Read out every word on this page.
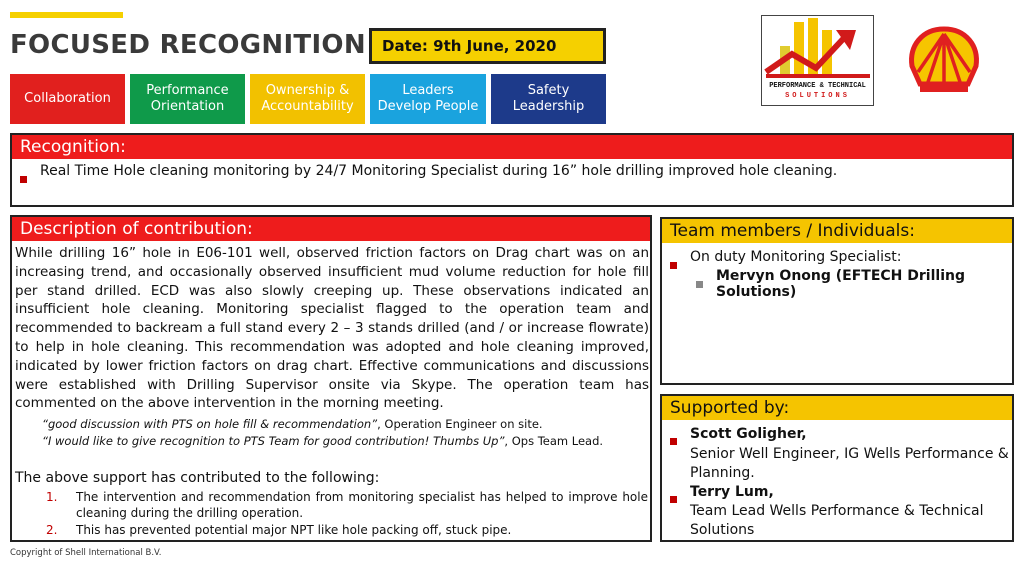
FOCUSED RECOGNITION	Date: 9th June, 2020
Collaboration
Performance Orientation
Ownership & Accountability
Leaders Develop People
Safety Leadership
PERFORMANCE & TECHNICAL
SOLUTIONS
Recognition:
Real Time Hole cleaning monitoring by 24/7 Monitoring Specialist during 16” hole drilling improved hole cleaning.
Description of contribution:
While drilling 16” hole in E06-101 well, observed friction factors on Drag chart was on an increasing trend, and occasionally observed insufficient mud volume reduction for hole fill per stand drilled. ECD was also slowly creeping up. These observations indicated an insufficient hole cleaning. Monitoring specialist flagged to the operation team and recommended to backream a full stand every 2 – 3 stands drilled (and / or increase flowrate) to help in hole cleaning. This recommendation was adopted and hole cleaning improved, indicated by lower friction factors on drag chart. Effective communications and discussions were established with Drilling Supervisor onsite via Skype. The operation team has commented on the above intervention in the morning meeting.
“good discussion with PTS on hole fill & recommendation”, Operation Engineer on site.
“I would like to give recognition to PTS Team for good contribution! Thumbs Up”, Ops Team Lead.
The above support has contributed to the following:
1. The intervention and recommendation from monitoring specialist has helped to improve hole cleaning during the drilling operation.
2. This has prevented potential major NPT like hole packing off, stuck pipe.
Team members / Individuals:
On duty Monitoring Specialist:
Mervyn Onong (EFTECH Drilling Solutions)
Supported by:
Scott Goligher,
Senior Well Engineer, IG Wells Performance & Planning.
Terry Lum,
Team Lead Wells Performance & Technical Solutions
Copyright of Shell International B.V.
